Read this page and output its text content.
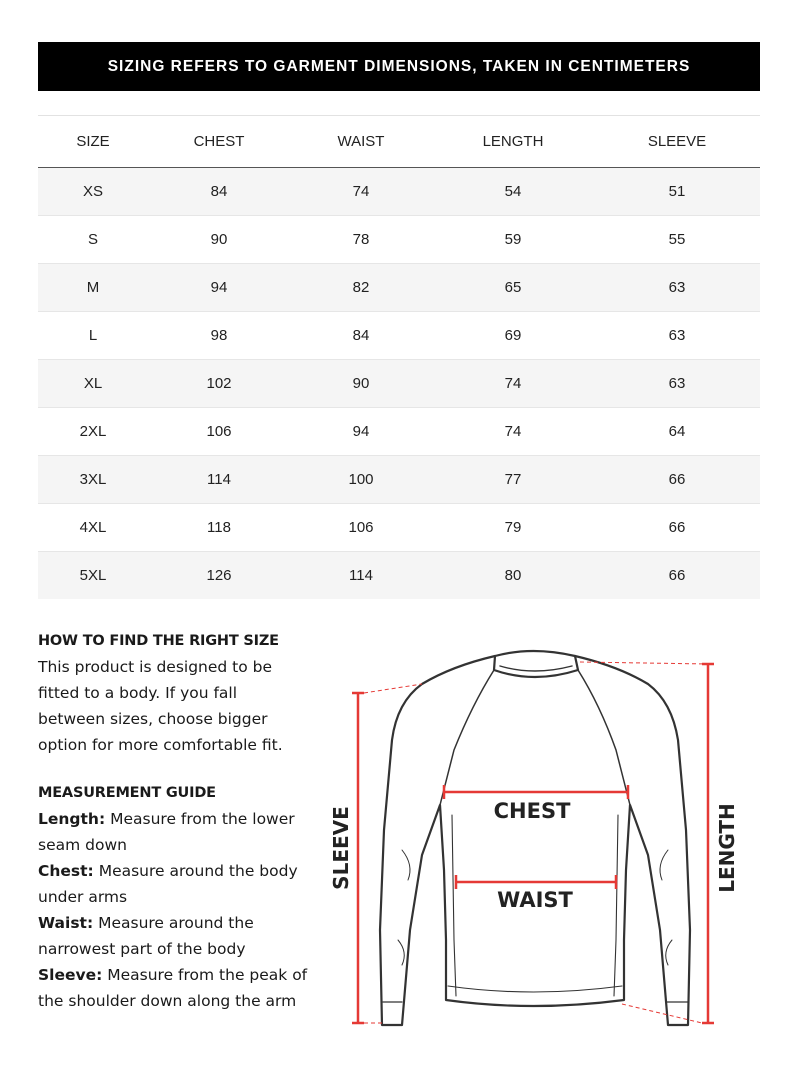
SIZING REFERS TO GARMENT DIMENSIONS, TAKEN IN CENTIMETERS
SIZE	CHEST	WAIST	LENGTH	SLEEVE
XS	84	74	54	51
S	90	78	59	55
M	94	82	65	63
L	98	84	69	63
XL	102	90	74	63
2XL	106	94	74	64
3XL	114	100	77	66
4XL	118	106	79	66
5XL	126	114	80	66
HOW TO FIND THE RIGHT SIZE

This product is designed to be

fitted to a body. If you fall

between sizes, choose bigger

option for more comfortable fit.

MEASUREMENT GUIDE

Length: Measure from the lower

seam down

Chest: Measure around the body

under arms

Waist: Measure around the

narrowest part of the body

Sleeve: Measure from the peak of

the shoulder down along the arm

CHEST
WAIST
SLEEVE	LENGTH
